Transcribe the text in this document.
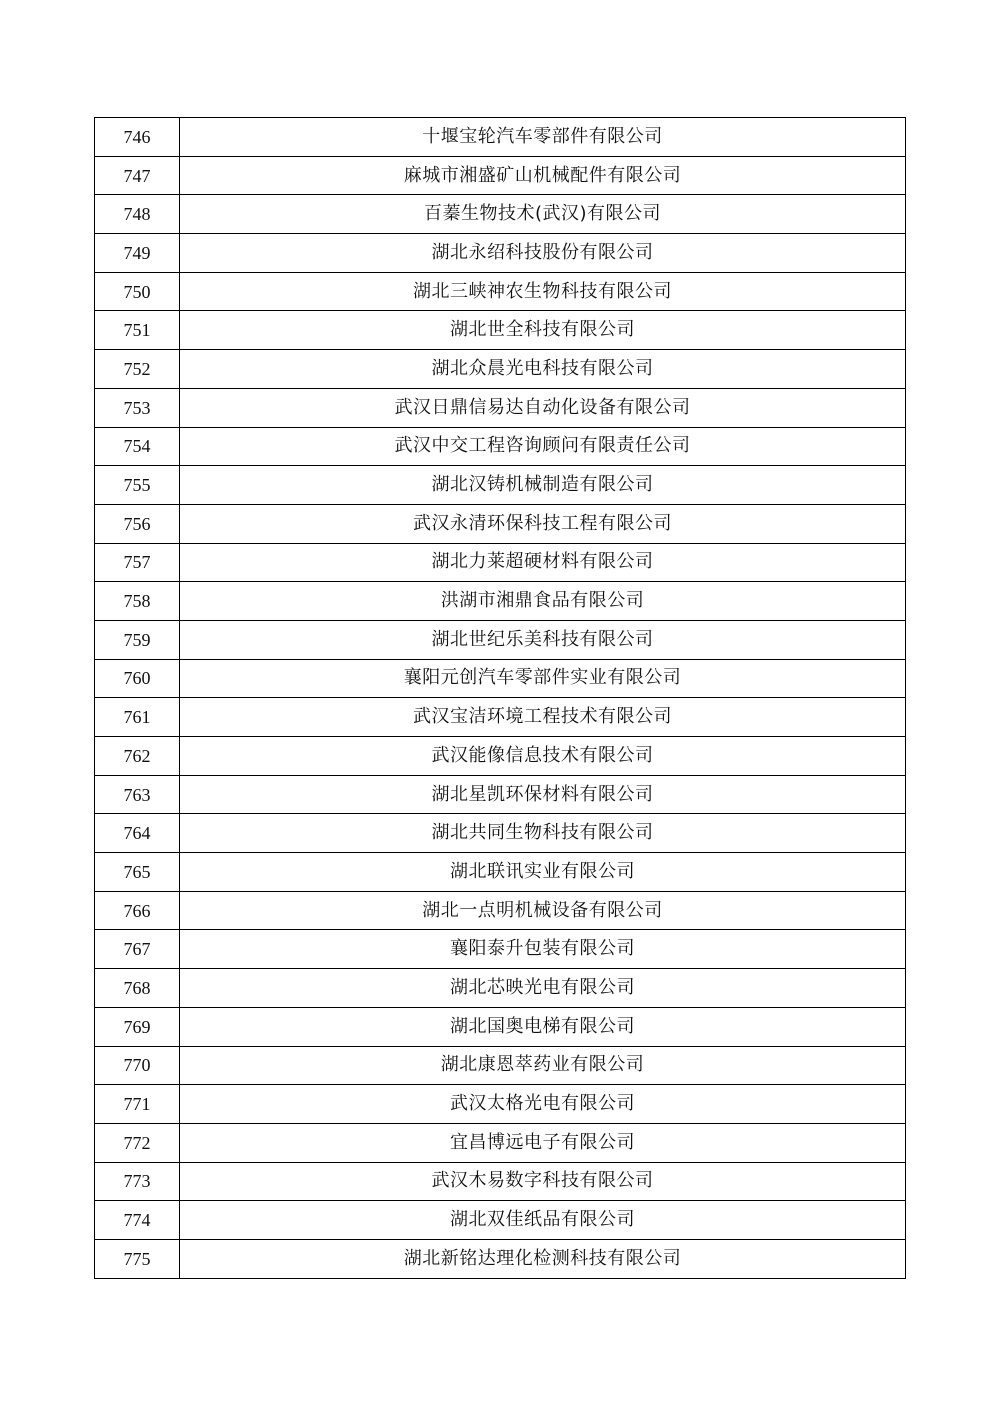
746	十堰宝轮汽车零部件有限公司
747	麻城市湘盛矿山机械配件有限公司
748	百蓁生物技术(武汉)有限公司
749	湖北永绍科技股份有限公司
750	湖北三峡神农生物科技有限公司
751	湖北世全科技有限公司
752	湖北众晨光电科技有限公司
753	武汉日鼎信易达自动化设备有限公司
754	武汉中交工程咨询顾问有限责任公司
755	湖北汉铸机械制造有限公司
756	武汉永清环保科技工程有限公司
757	湖北力莱超硬材料有限公司
758	洪湖市湘鼎食品有限公司
759	湖北世纪乐美科技有限公司
760	襄阳元创汽车零部件实业有限公司
761	武汉宝洁环境工程技术有限公司
762	武汉能像信息技术有限公司
763	湖北星凯环保材料有限公司
764	湖北共同生物科技有限公司
765	湖北联讯实业有限公司
766	湖北一点明机械设备有限公司
767	襄阳泰升包装有限公司
768	湖北芯映光电有限公司
769	湖北国奥电梯有限公司
770	湖北康恩萃药业有限公司
771	武汉太格光电有限公司
772	宜昌博远电子有限公司
773	武汉木易数字科技有限公司
774	湖北双佳纸品有限公司
775	湖北新铭达理化检测科技有限公司
